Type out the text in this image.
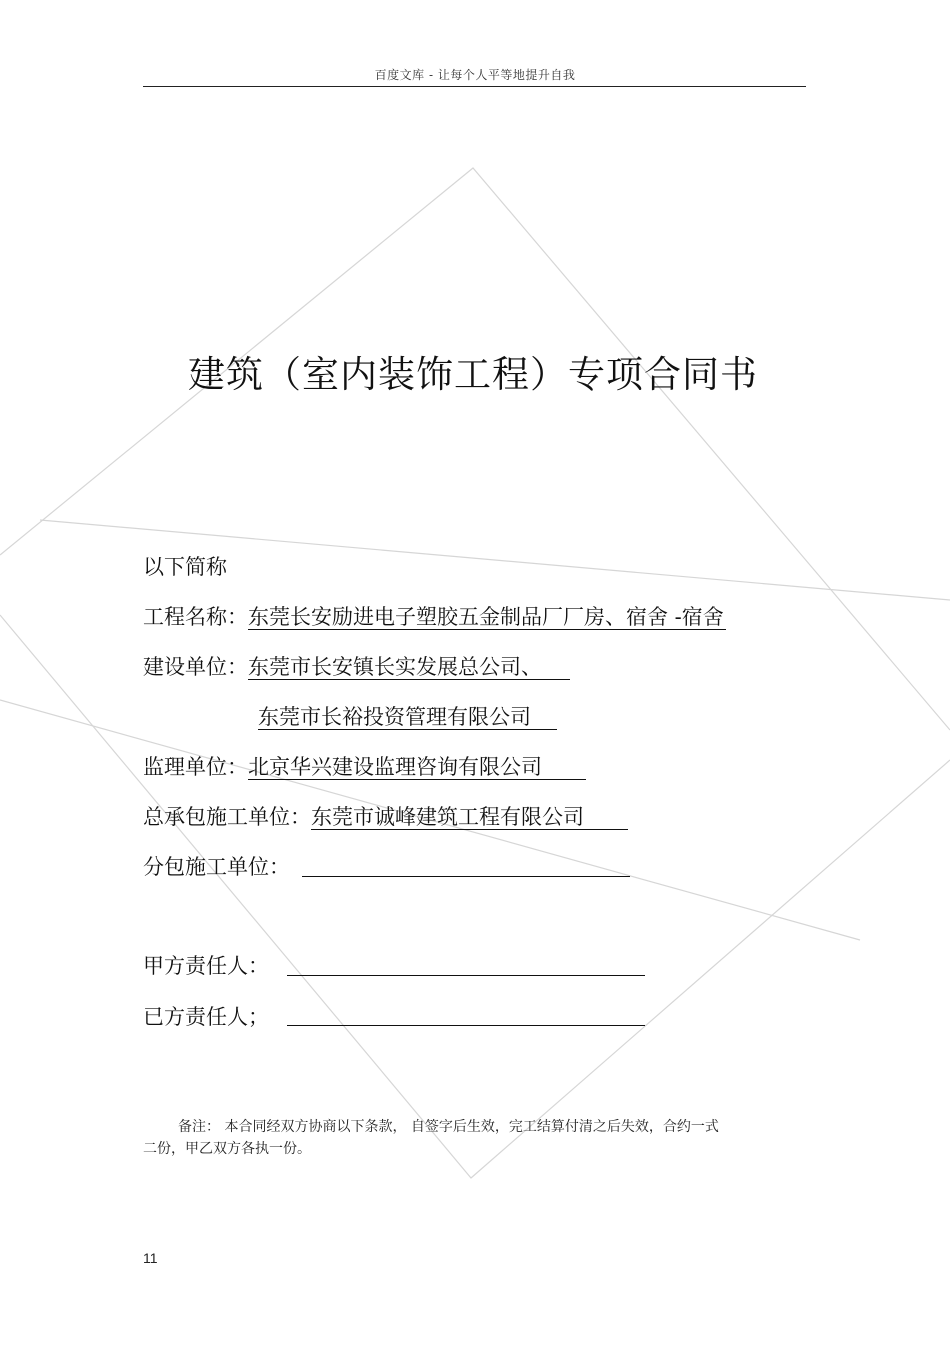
百度文库 - 让每个人平等地提升自我
建筑（室内装饰工程）专项合同书
以下简称
工程名称：东莞长安励进电子塑胶五金制品厂厂房、宿舍 -宿舍
建设单位：东莞市长安镇长实发展总公司、
东莞市长裕投资管理有限公司
监理单位：北京华兴建设监理咨询有限公司
总承包施工单位：东莞市诚峰建筑工程有限公司
分包施工单位：
甲方责任人：
已方责任人；
备注： 本合同经双方协商以下条款， 自签字后生效，完工结算付清之后失效，合约一式
二份，甲乙双方各执一份。
11
